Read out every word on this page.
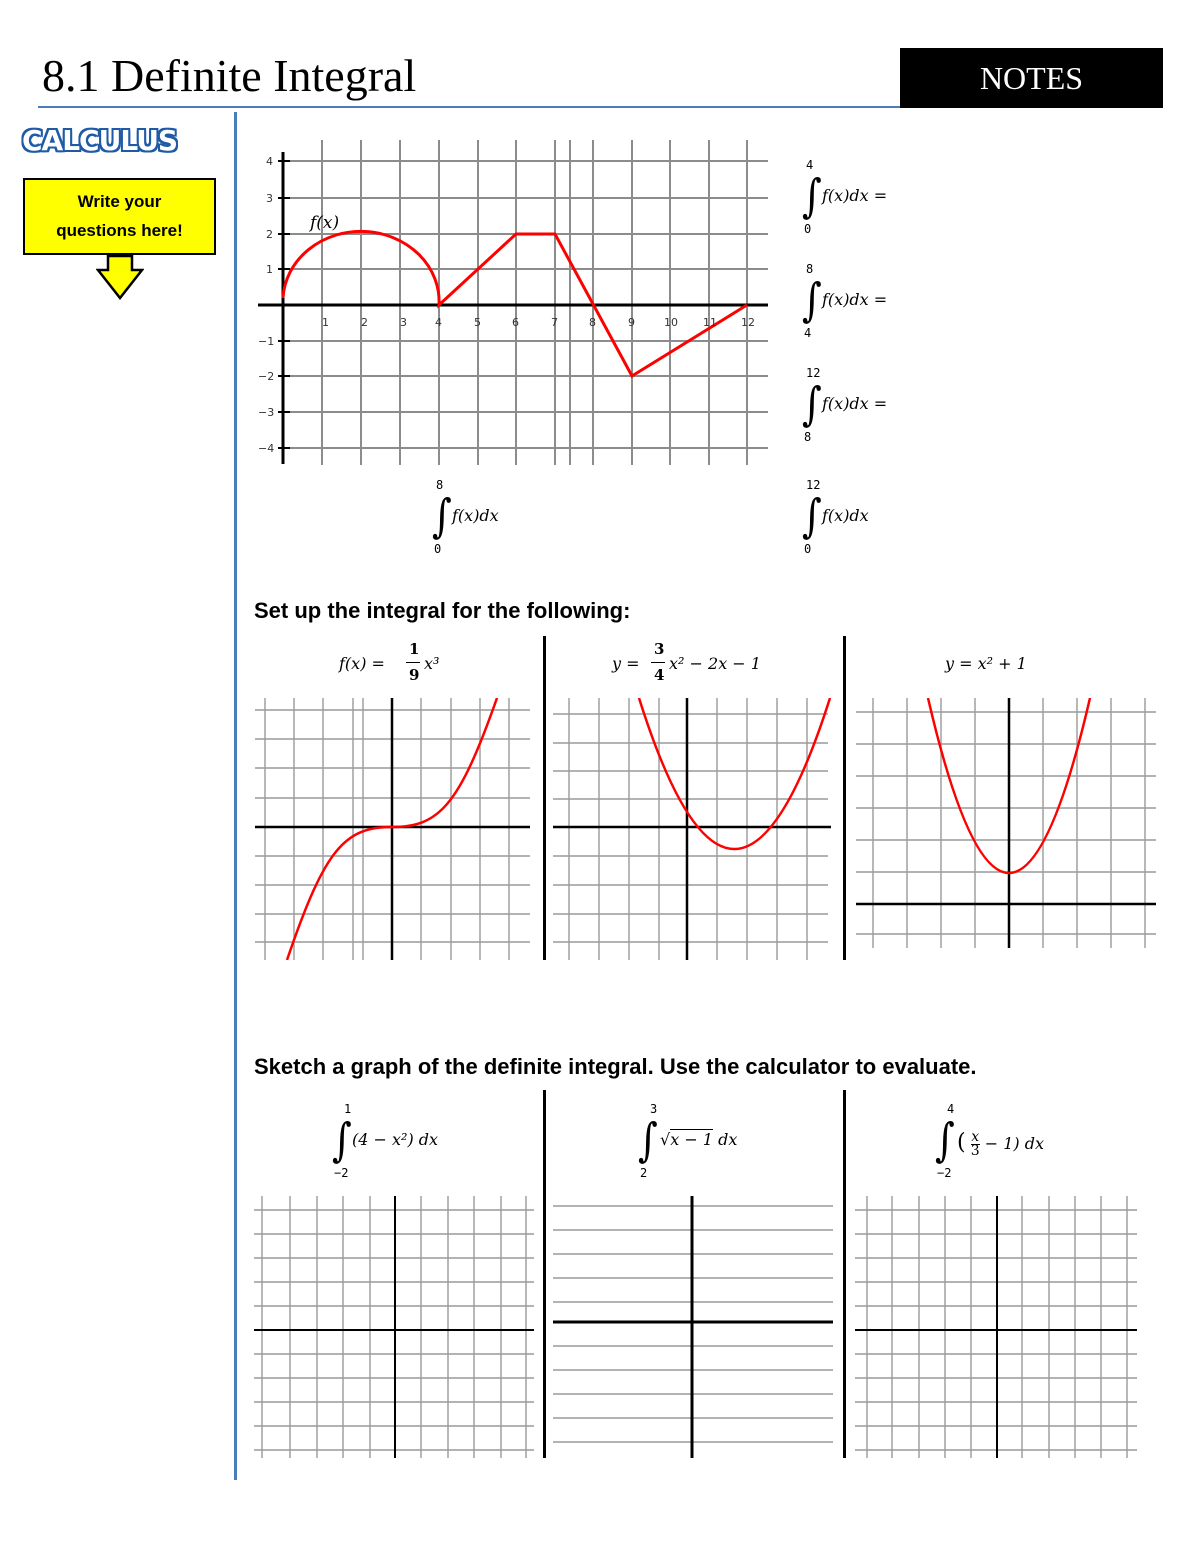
8.1 Definite Integral	NOTES
CALCULUS
Write your
questions here!
1	2	3	4	5	6	7	8	9	10 11 12
1
2
3
4
−1
−2
−3
−4
f(x)
4
∫
0
f(x)dx =
8
∫
4
f(x)dx =
12
∫
8
f(x)dx =
8
∫
0
f(x)dx
12
∫
0
f(x)dx
Set up the integral for the following:
f(x) =
1
9
x³	y =
3
4
x² − 2x − 1	y = x² + 1
Sketch a graph of the definite integral. Use the calculator to evaluate.
1
∫
−2
(4 − x²) dx
3
∫
2
√x − 1 dx
4
∫
−2
( $\frac{x}{3} - 1$) dx
